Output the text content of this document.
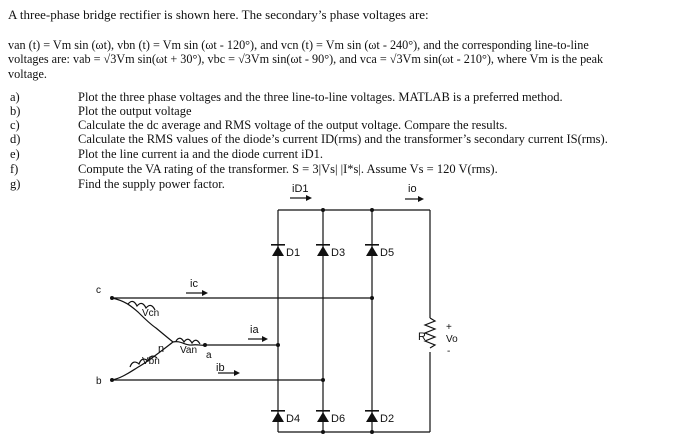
A three-phase bridge rectifier is shown here. The secondary’s phase voltages are:
van (t) = Vm sin (ωt), vbn (t) = Vm sin (ωt - 120°), and vcn (t) = Vm sin (ωt - 240°), and the corresponding line-to-line
voltages are: vab = √3Vm sin(ωt + 30°), vbc = √3Vm sin(ωt - 90°), and vca = √3Vm sin(ωt - 210°), where Vm is the peak
voltage.
a)	Plot the three phase voltages and the three line-to-line voltages. MATLAB is a preferred method.
b)	Plot the output voltage
c)	Calculate the dc average and RMS voltage of the output voltage. Compare the results.
d)	Calculate the RMS values of the diode’s current ID(rms) and the transformer’s secondary current IS(rms).
e)	Plot the line current ia and the diode current iD1.
f)	Compute the VA rating of the transformer. S = 3|Vs| |I*s|. Assume Vs = 120 V(rms).
g)	Find the supply power factor.
D1	D3	D5
D4	D6	D2
iD1	io
ic
ia
ib
Vcn
Van
Vbn
n
a
b
c
R Vo
+
-
